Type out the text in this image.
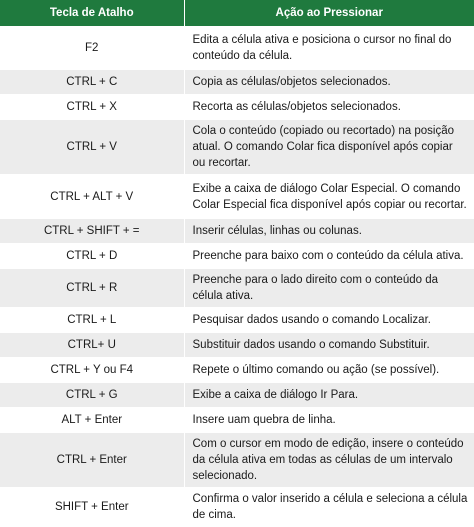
Tecla de Atalho	Ação ao Pressionar
F2	Edita a célula ativa e posiciona o cursor no final do conteúdo da célula.
CTRL + C	Copia as células/objetos selecionados.
CTRL + X	Recorta as células/objetos selecionados.
CTRL + V	Cola o conteúdo (copiado ou recortado) na posição atual. O comando Colar fica disponível após copiar ou recortar.
CTRL + ALT + V	Exibe a caixa de diálogo Colar Especial. O comando Colar Especial fica disponível após copiar ou recortar.
CTRL + SHIFT + =	Inserir células, linhas ou colunas.
CTRL + D	Preenche para baixo com o conteúdo da célula ativa.
CTRL + R	Preenche para o lado direito com o conteúdo da célula ativa.
CTRL + L	Pesquisar dados usando o comando Localizar.
CTRL+ U	Substituir dados usando o comando Substituir.
CTRL + Y ou F4	Repete o último comando ou ação (se possível).
CTRL + G	Exibe a caixa de diálogo Ir Para.
ALT + Enter	Insere uam quebra de linha.
CTRL + Enter	Com o cursor em modo de edição, insere o conteúdo da célula ativa em todas as células de um intervalo selecionado.
SHIFT + Enter	Confirma o valor inserido a célula e seleciona a célula de cima.
